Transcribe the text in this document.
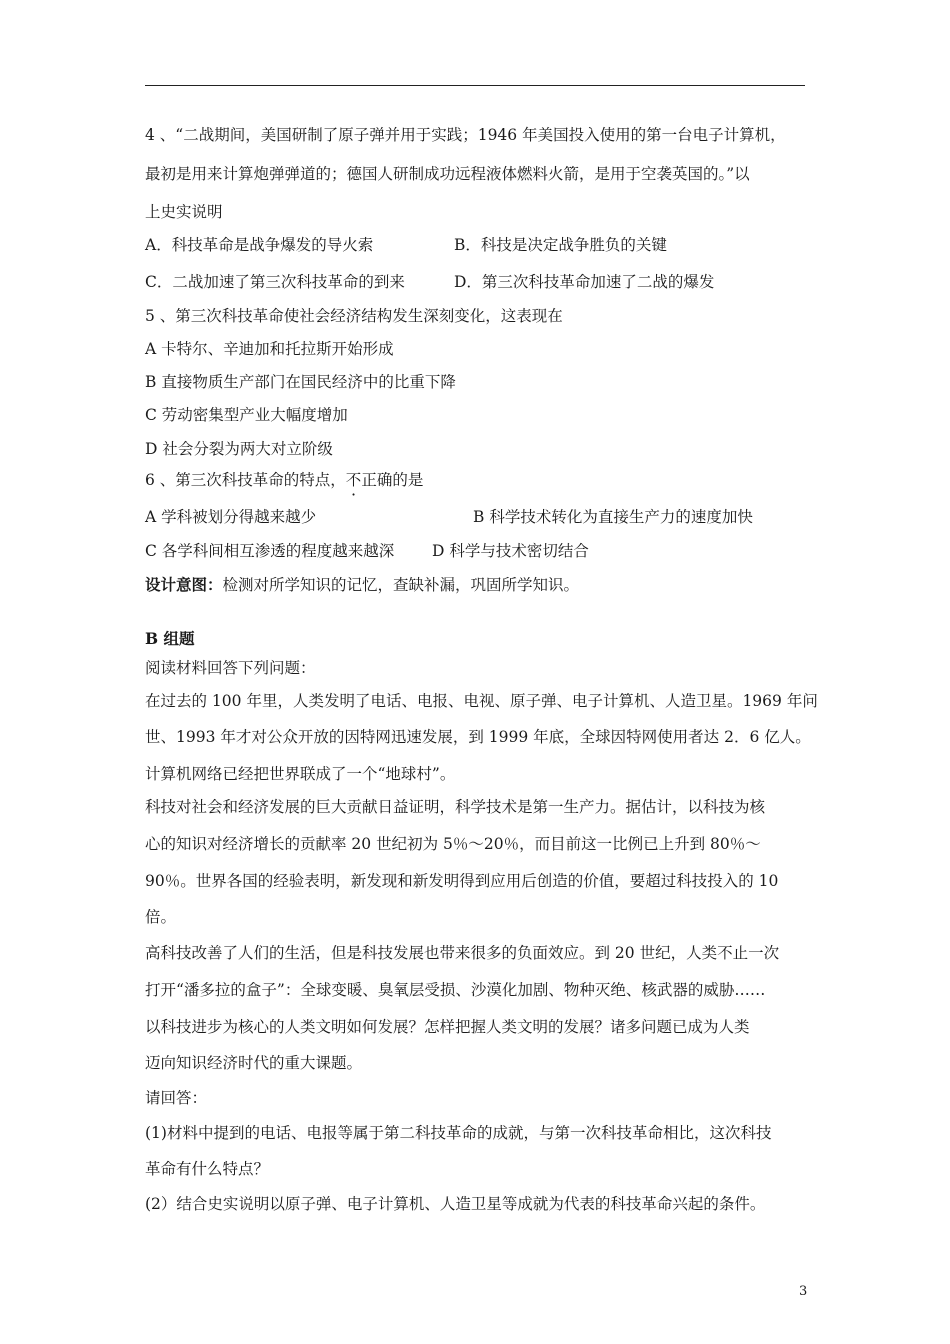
4 、“二战期间，美国研制了原子弹并用于实践；1946 年美国投入使用的第一台电子计算机，
最初是用来计算炮弹弹道的；德国人研制成功远程液体燃料火箭，是用于空袭英国的。”以
上史实说明
A．科技革命是战争爆发的导火索	B．科技是决定战争胜负的关键
C．二战加速了第三次科技革命的到来	D．第三次科技革命加速了二战的爆发
5 、第三次科技革命使社会经济结构发生深刻变化，这表现在
A 卡特尔、辛迪加和托拉斯开始形成
B 直接物质生产部门在国民经济中的比重下降
C 劳动密集型产业大幅度增加
D 社会分裂为两大对立阶级
6 、第三次科技革命的特点，不正确的是
A 学科被划分得越来越少	B 科学技术转化为直接生产力的速度加快
C 各学科间相互渗透的程度越来越深 D 科学与技术密切结合
设计意图：检测对所学知识的记忆，查缺补漏，巩固所学知识。
B 组题
阅读材料回答下列问题：
在过去的 100 年里，人类发明了电话、电报、电视、原子弹、电子计算机、人造卫星。1969 年问
世、1993 年才对公众开放的因特网迅速发展，到 1999 年底，全球因特网使用者达 2．6 亿人。
计算机网络已经把世界联成了一个“地球村”。
科技对社会和经济发展的巨大贡献日益证明，科学技术是第一生产力。据估计，以科技为核
心的知识对经济增长的贡献率 20 世纪初为 5％～20％，而目前这一比例已上升到 80％～
90％。世界各国的经验表明，新发现和新发明得到应用后创造的价值，要超过科技投入的 10
倍。
高科技改善了人们的生活，但是科技发展也带来很多的负面效应。到 20 世纪，人类不止一次
打开“潘多拉的盒子”：全球变暖、臭氧层受损、沙漠化加剧、物种灭绝、核武器的威胁……
以科技进步为核心的人类文明如何发展？怎样把握人类文明的发展？诸多问题已成为人类
迈向知识经济时代的重大课题。
请回答：
(1)材料中提到的电话、电报等属于第二科技革命的成就，与第一次科技革命相比，这次科技
革命有什么特点？
(2）结合史实说明以原子弹、电子计算机、人造卫星等成就为代表的科技革命兴起的条件。
3
